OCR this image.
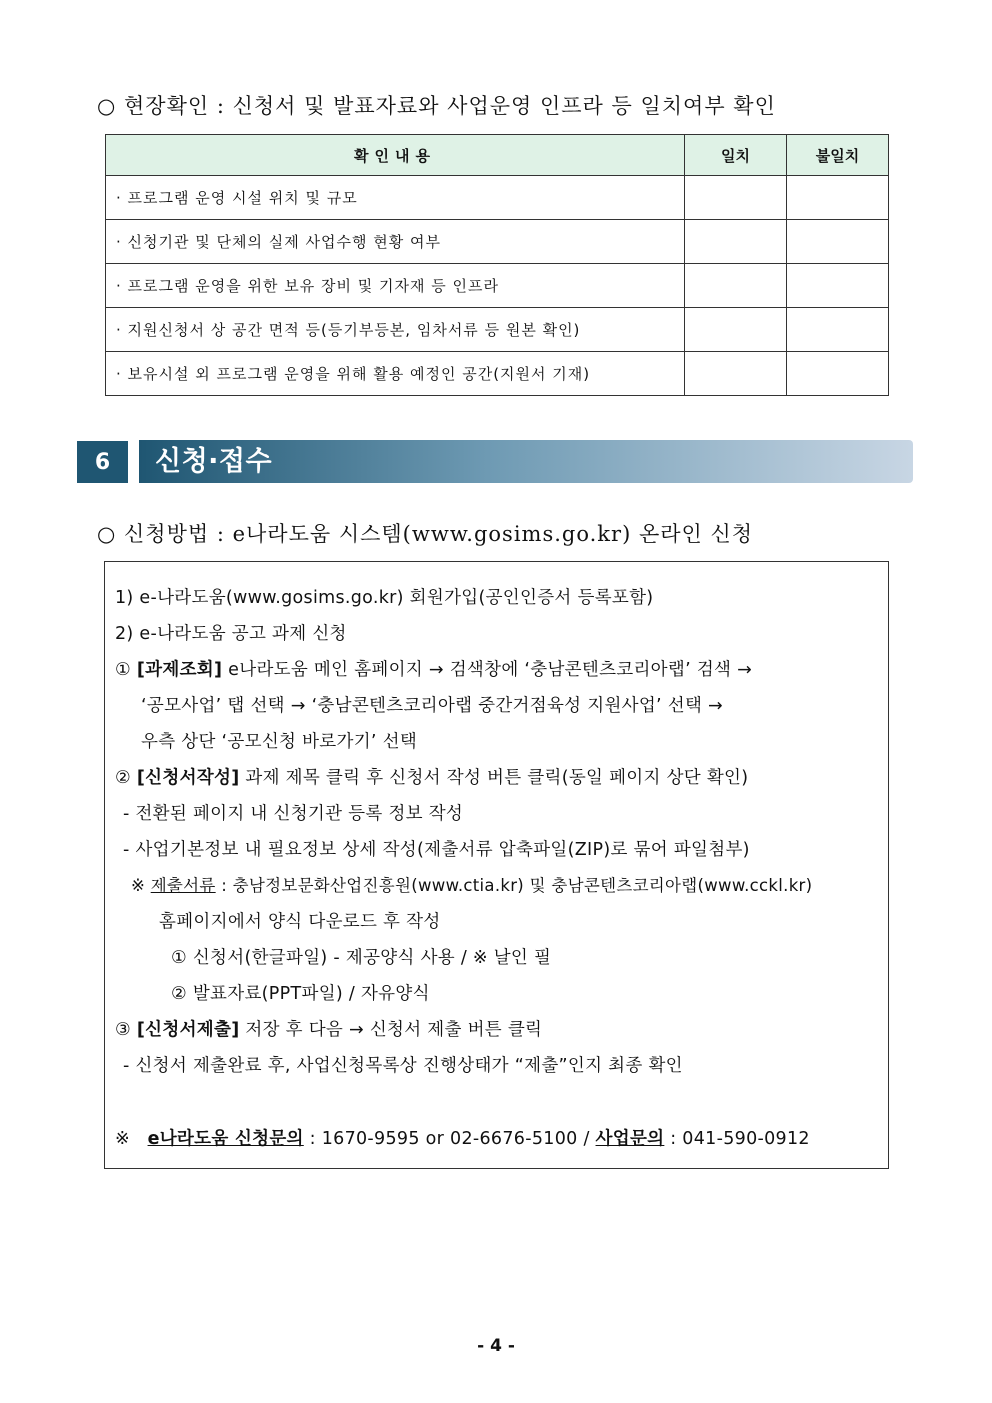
○ 현장확인 : 신청서 및 발표자료와 사업운영 인프라 등 일치여부 확인
확인내용	일치	불일치
· 프로그램 운영 시설 위치 및 규모		
· 신청기관 및 단체의 실제 사업수행 현황 여부		
· 프로그램 운영을 위한 보유 장비 및 기자재 등 인프라		
· 지원신청서 상 공간 면적 등(등기부등본, 임차서류 등 원본 확인)		
· 보유시설 외 프로그램 운영을 위해 활용 예정인 공간(지원서 기재)		
6	신청·접수
○ 신청방법 : e나라도움 시스템(www.gosims.go.kr) 온라인 신청
1) e-나라도움(www.gosims.go.kr) 회원가입(공인인증서 등록포함)
2) e-나라도움 공고 과제 신청
① [과제조회] e나라도움 메인 홈페이지 → 검색창에 ‘충남콘텐츠코리아랩’ 검색 →
‘공모사업’ 탭 선택 → ‘충남콘텐츠코리아랩 중간거점육성 지원사업’ 선택 →
우측 상단 ‘공모신청 바로가기’ 선택
② [신청서작성] 과제 제목 클릭 후 신청서 작성 버튼 클릭(동일 페이지 상단 확인)
- 전환된 페이지 내 신청기관 등록 정보 작성
- 사업기본정보 내 필요정보 상세 작성(제출서류 압축파일(ZIP)로 묶어 파일첨부)
※ 제출서류 : 충남정보문화산업진흥원(www.ctia.kr) 및 충남콘텐츠코리아랩(www.cckl.kr)
홈페이지에서 양식 다운로드 후 작성
① 신청서(한글파일) - 제공양식 사용 / ※ 날인 필
② 발표자료(PPT파일) / 자유양식
③ [신청서제출] 저장 후 다음 → 신청서 제출 버튼 클릭
- 신청서 제출완료 후, 사업신청목록상 진행상태가 “제출”인지 최종 확인
※ e나라도움 신청문의 : 1670-9595 or 02-6676-5100 / 사업문의 : 041-590-0912
- 4 -
